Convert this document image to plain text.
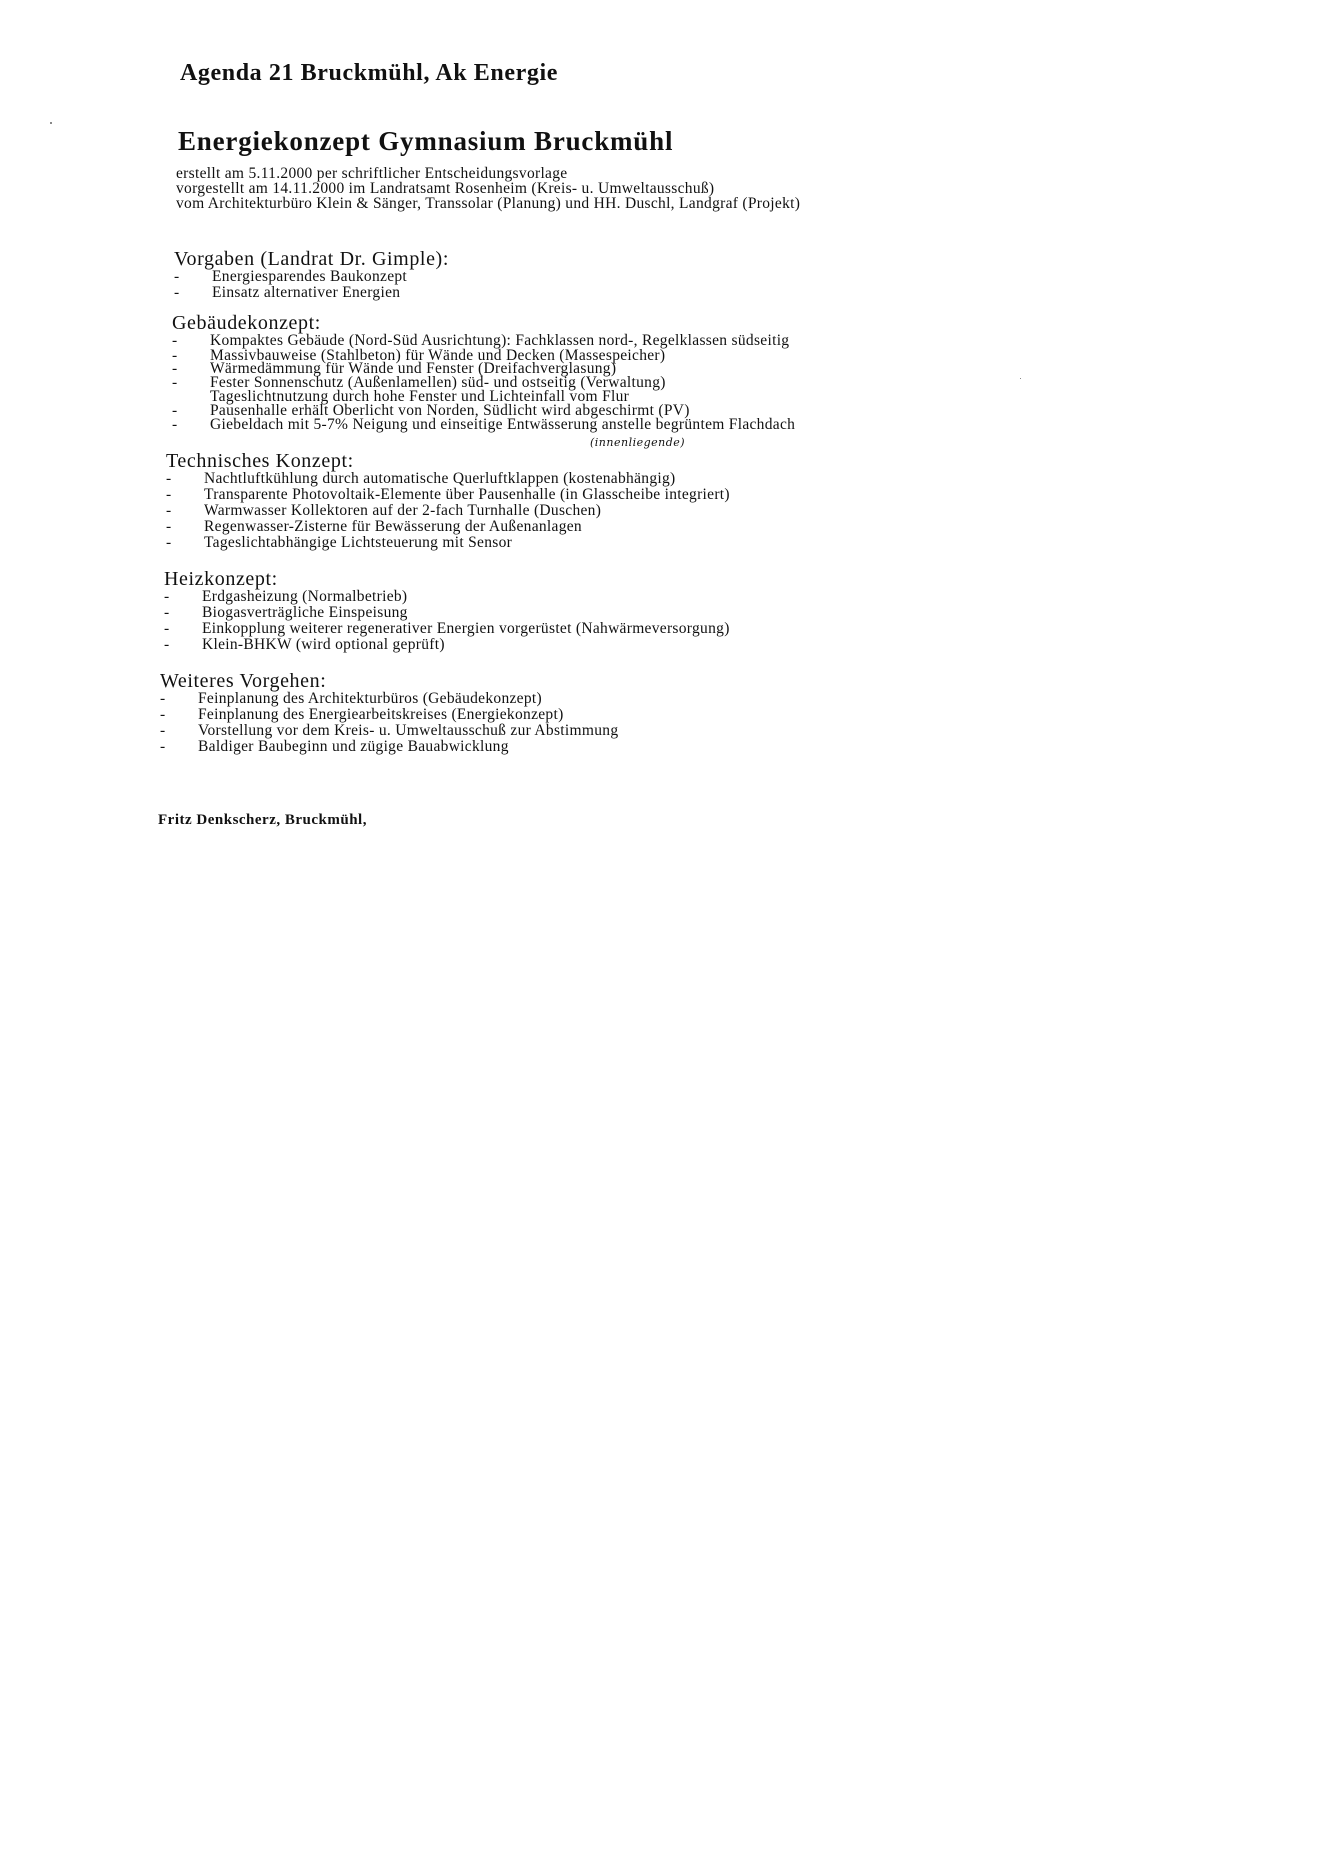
Agenda 21 Bruckmühl, Ak Energie
Energiekonzept Gymnasium Bruckmühl
erstellt am 5.11.2000 per schriftlicher Entscheidungsvorlage
vorgestellt am 14.11.2000 im Landratsamt Rosenheim (Kreis- u. Umweltausschuß)
vom Architekturbüro Klein & Sänger, Transsolar (Planung) und HH. Duschl, Landgraf (Projekt)
Vorgaben (Landrat Dr. Gimple):
-	Energiesparendes Baukonzept
-	Einsatz alternativer Energien
Gebäudekonzept:
-	Kompaktes Gebäude (Nord-Süd Ausrichtung): Fachklassen nord-, Regelklassen südseitig
-	Massivbauweise (Stahlbeton) für Wände und Decken (Massespeicher)
-	Wärmedämmung für Wände und Fenster (Dreifachverglasung)
-	Fester Sonnenschutz (Außenlamellen) süd- und ostseitig (Verwaltung)
Tageslichtnutzung durch hohe Fenster und Lichteinfall vom Flur
-	Pausenhalle erhält Oberlicht von Norden, Südlicht wird abgeschirmt (PV)
-	Giebeldach mit 5-7% Neigung und einseitige Entwässerung anstelle begrüntem Flachdach
(innenliegende)
Technisches Konzept:
-	Nachtluftkühlung durch automatische Querluftklappen (kostenabhängig)
-	Transparente Photovoltaik-Elemente über Pausenhalle (in Glasscheibe integriert)
-	Warmwasser Kollektoren auf der 2-fach Turnhalle (Duschen)
-	Regenwasser-Zisterne für Bewässerung der Außenanlagen
-	Tageslichtabhängige Lichtsteuerung mit Sensor
Heizkonzept:
-	Erdgasheizung (Normalbetrieb)
-	Biogasverträgliche Einspeisung
-	Einkopplung weiterer regenerativer Energien vorgerüstet (Nahwärmeversorgung)
-	Klein-BHKW (wird optional geprüft)
Weiteres Vorgehen:
-	Feinplanung des Architekturbüros (Gebäudekonzept)
-	Feinplanung des Energiearbeitskreises (Energiekonzept)
-	Vorstellung vor dem Kreis- u. Umweltausschuß zur Abstimmung
-	Baldiger Baubeginn und zügige Bauabwicklung
Fritz Denkscherz, Bruckmühl,
